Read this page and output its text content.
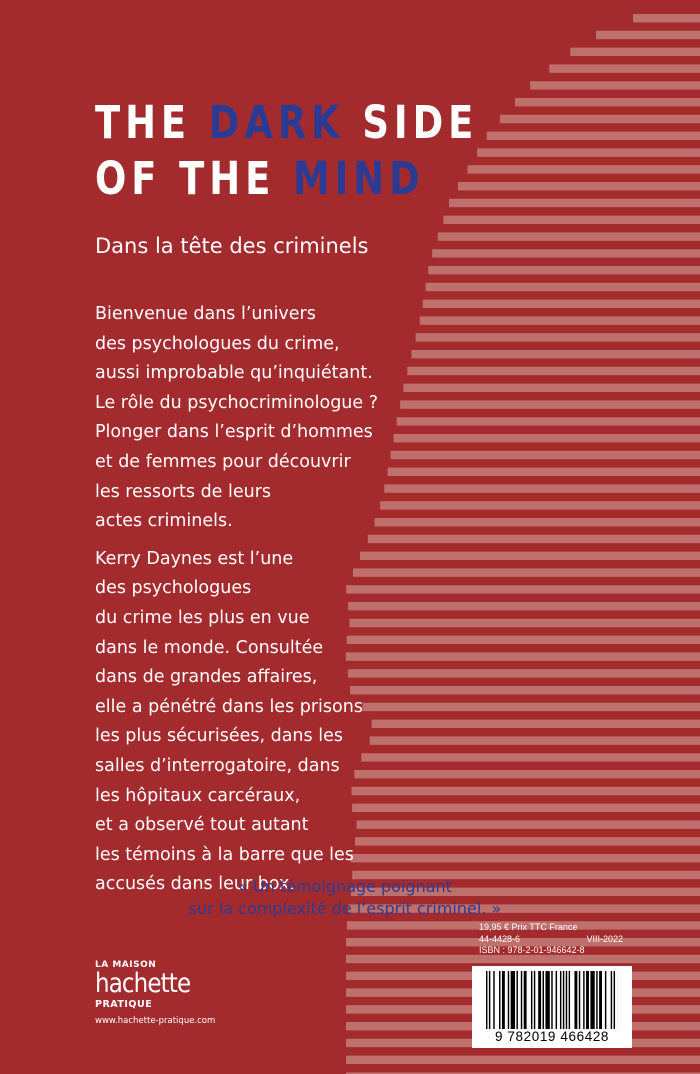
THE DARK SIDE
OF THE MIND
Dans la tête des criminels
Bienvenue dans l’univers
des psychologues du crime,
aussi improbable qu’inquiétant.
Le rôle du psychocriminologue ?
Plonger dans l’esprit d’hommes
et de femmes pour découvrir
les ressorts de leurs
actes criminels.
Kerry Daynes est l’une
des psychologues
du crime les plus en vue
dans le monde. Consultée
dans de grandes affaires,
elle a pénétré dans les prisons
les plus sécurisées, dans les
salles d’interrogatoire, dans
les hôpitaux carcéraux,
et a observé tout autant
les témoins à la barre que les
accusés dans leur box.
« Un témoignage poignant
sur la complexité de l’esprit criminel. »
LA MAISON
hachette
PRATIQUE
www.hachette-pratique.com
19,95 € Prix TTC France
44-4428-6	VIII-2022
ISBN : 978-2-01-946642-8
9 782019 466428
